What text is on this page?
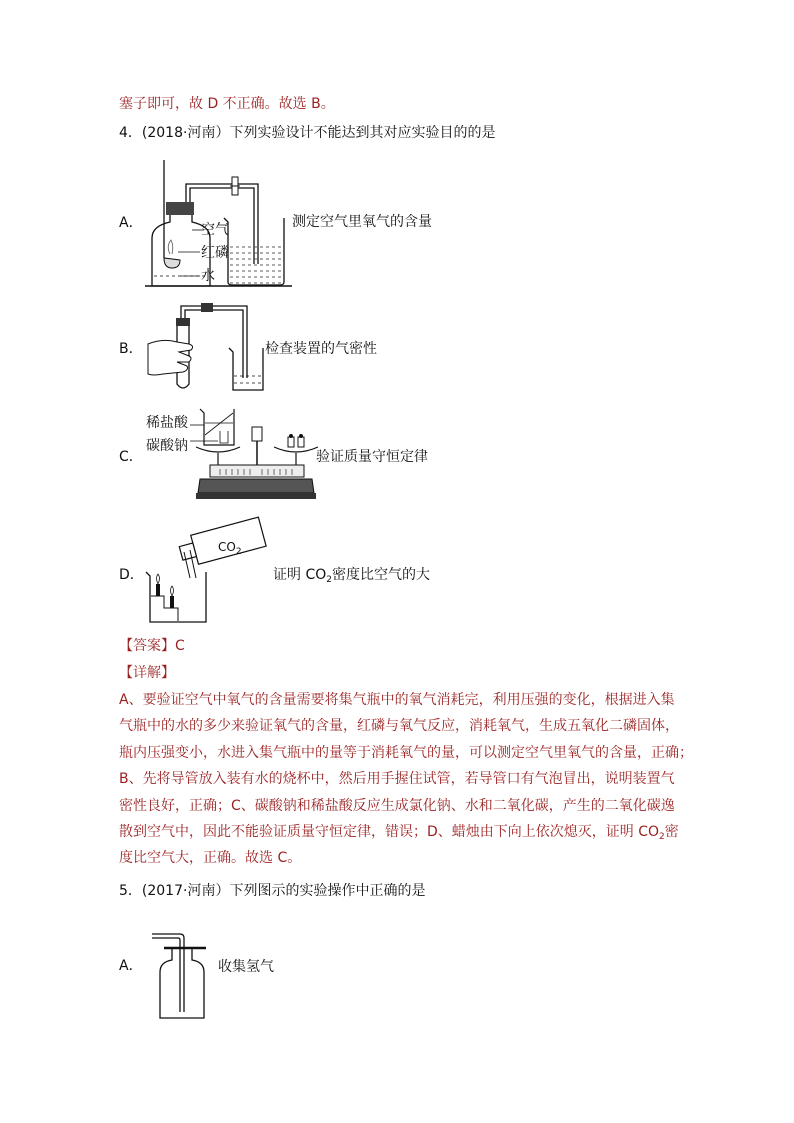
塞子即可，故 D 不正确。故选 B。
4．(2018·河南）下列实验设计不能达到其对应实验目的的是
A．	空气
红磷
水
测定空气里氧气的含量
B．	检查装置的气密性
C．
稀盐酸
碳酸钠
验证质量守恒定律
D．
$CO_2$
证明 $CO_2$密度比空气的大
【答案】C
【详解】
A、要验证空气中氧气的含量需要将集气瓶中的氧气消耗完，利用压强的变化，根据进入集
气瓶中的水的多少来验证氧气的含量，红磷与氧气反应，消耗氧气，生成五氧化二磷固体，
瓶内压强变小，水进入集气瓶中的量等于消耗氧气的量，可以测定空气里氧气的含量，正确；
B、先将导管放入装有水的烧杯中，然后用手握住试管，若导管口有气泡冒出，说明装置气
密性良好，正确；C、碳酸钠和稀盐酸反应生成氯化钠、水和二氧化碳，产生的二氧化碳逸
散到空气中，因此不能验证质量守恒定律，错误；D、蜡烛由下向上依次熄灭，证明 $CO_2$密
度比空气大，正确。故选 C。
5．(2017·河南）下列图示的实验操作中正确的是
A．	收集氢气
